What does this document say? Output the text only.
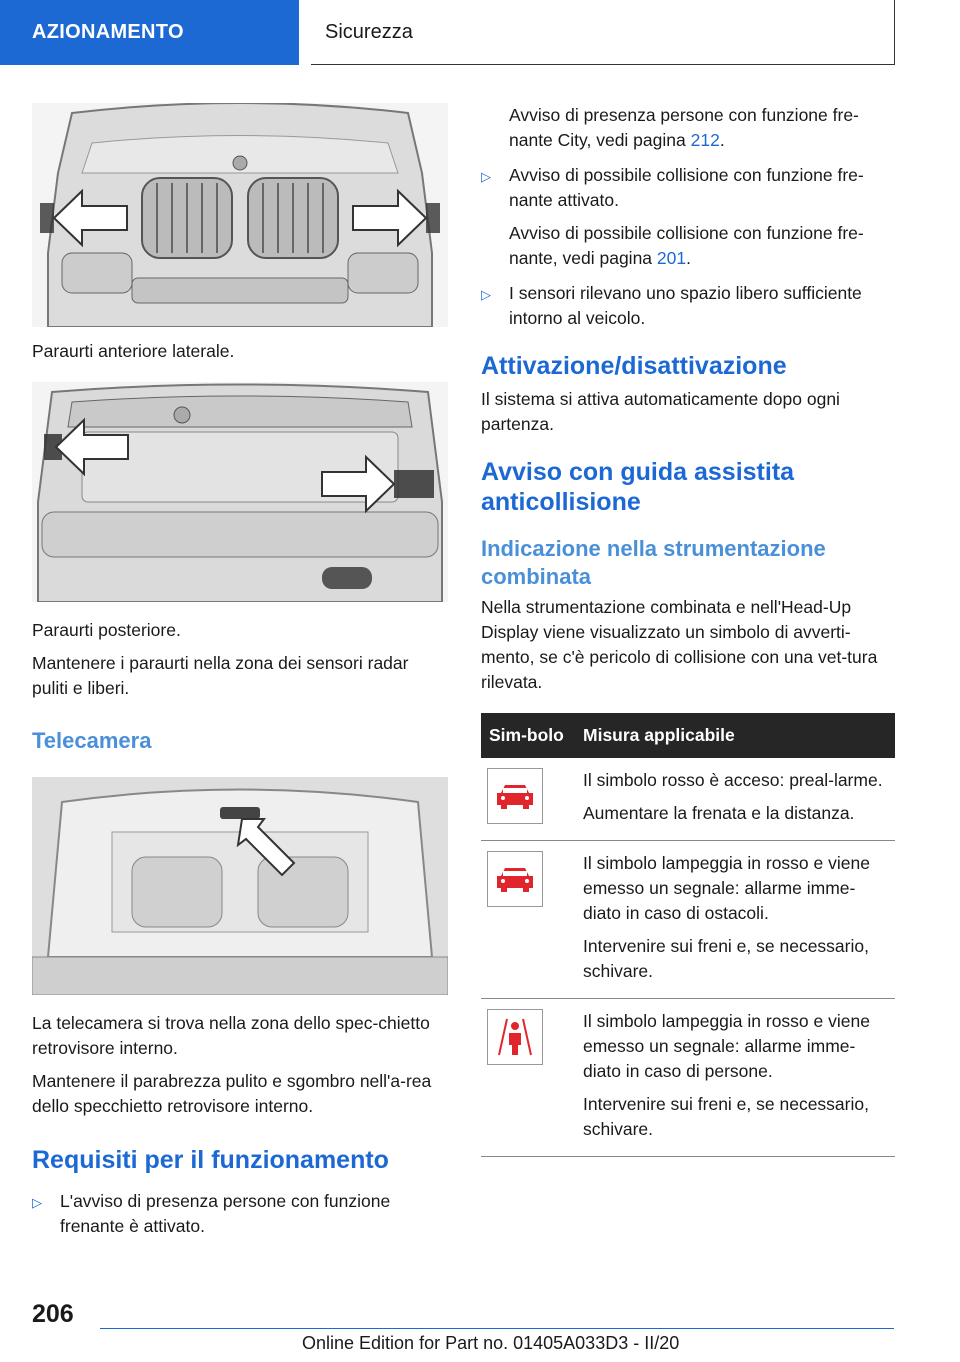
AZIONAMENTO	Sicurezza

Paraurti anteriore laterale.

Paraurti posteriore.

Mantenere i paraurti nella zona dei sensori radar puliti e liberi.

Telecamera

La telecamera si trova nella zona dello spec-chietto retrovisore interno.

Mantenere il parabrezza pulito e sgombro nell'a-rea dello specchietto retrovisore interno.

Requisiti per il funzionamento
▷ L'avviso di presenza persone con funzione frenante è attivato.
Avviso di presenza persone con funzione fre-nante City, vedi pagina 212.
▷ Avviso di possibile collisione con funzione fre-nante attivato.
Avviso di possibile collisione con funzione fre-nante, vedi pagina 201.
▷ I sensori rilevano uno spazio libero sufficiente intorno al veicolo.
Attivazione/disattivazione

Il sistema si attiva automaticamente dopo ogni partenza.

Avviso con guida assistita anticollisione
Indicazione nella strumentazione combinata

Nella strumentazione combinata e nell'Head-Up Display viene visualizzato un simbolo di avverti-mento, se c'è pericolo di collisione con una vet-tura rilevata.

Sim-bolo	Misura applicabile

Il simbolo rosso è acceso: preal-larme.
Aumentare la frenata e la distanza.

Il simbolo lampeggia in rosso e viene emesso un segnale: allarme imme-diato in caso di ostacoli.
Intervenire sui freni e, se necessario, schivare.

Il simbolo lampeggia in rosso e viene emesso un segnale: allarme imme-diato in caso di persone.
Intervenire sui freni e, se necessario, schivare.
206
Online Edition for Part no. 01405A033D3 - II/20
